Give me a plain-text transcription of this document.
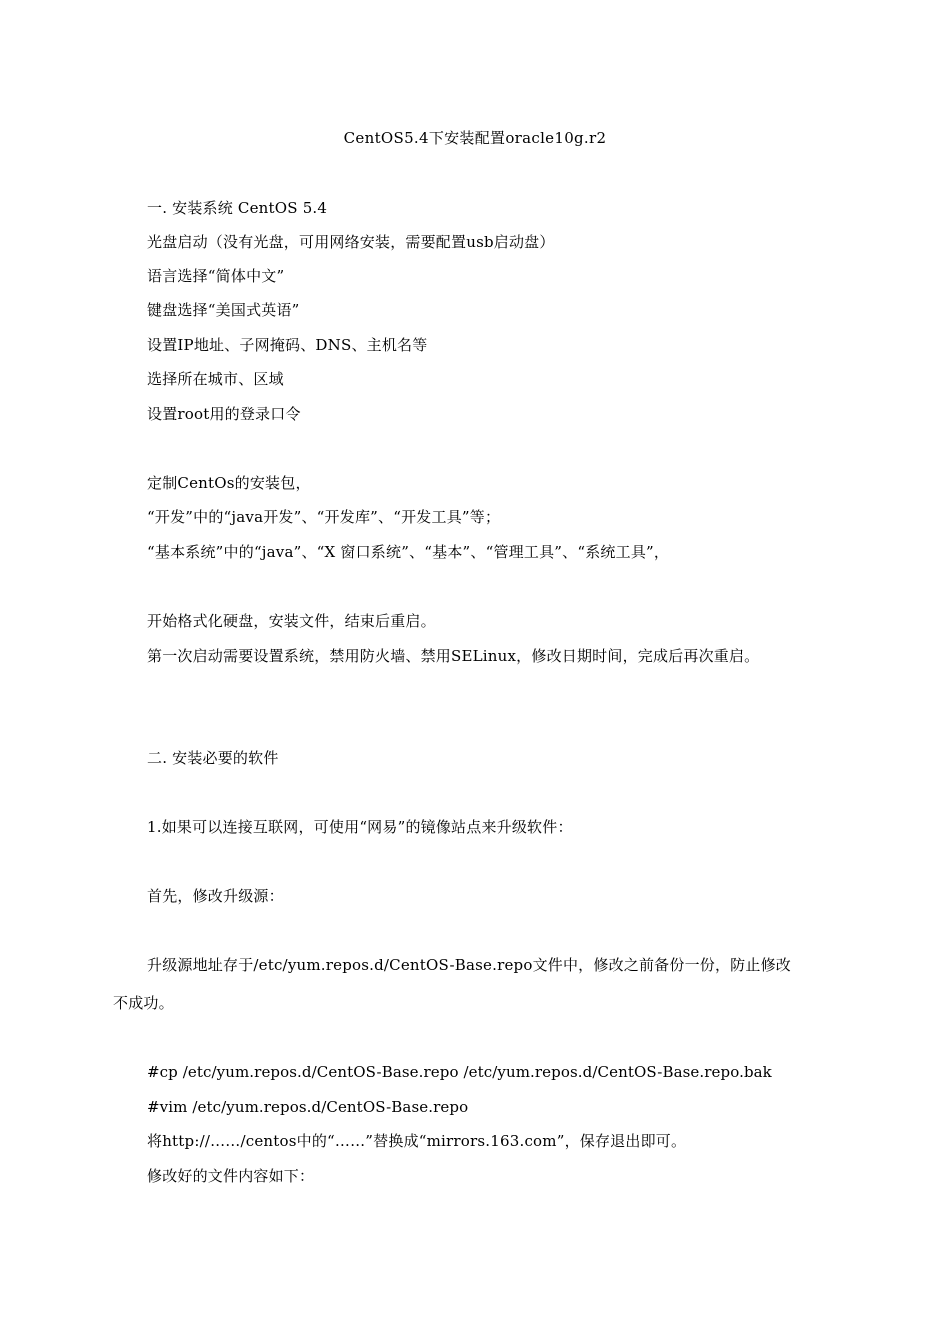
CentOS5.4下安装配置oracle10g.r2
一. 安装系统 CentOS 5.4
光盘启动（没有光盘，可用网络安装，需要配置usb启动盘）
语言选择“简体中文”
键盘选择“美国式英语”
设置IP地址、子网掩码、DNS、主机名等
选择所在城市、区域
设置root用的登录口令
定制CentOs的安装包，
“开发”中的“java开发”、“开发库”、“开发工具”等；
“基本系统”中的“java”、“X 窗口系统”、“基本”、“管理工具”、“系统工具”，
开始格式化硬盘，安装文件，结束后重启。
第一次启动需要设置系统，禁用防火墙、禁用SELinux，修改日期时间，完成后再次重启。
二. 安装必要的软件
1.如果可以连接互联网，可使用“网易”的镜像站点来升级软件：
首先，修改升级源：
升级源地址存于/etc/yum.repos.d/CentOS-Base.repo文件中，修改之前备份一份，防止修改
不成功。
#cp /etc/yum.repos.d/CentOS-Base.repo /etc/yum.repos.d/CentOS-Base.repo.bak
#vim /etc/yum.repos.d/CentOS-Base.repo
将http://……/centos中的“……”替换成“mirrors.163.com”，保存退出即可。
修改好的文件内容如下：
